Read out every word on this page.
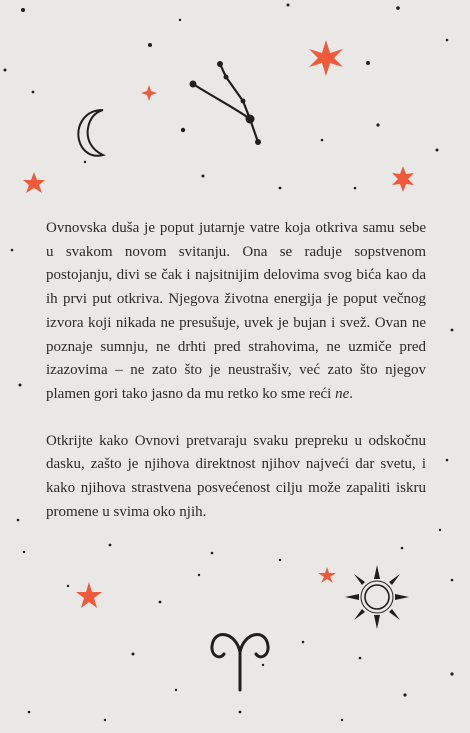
Ovnovska duša je poput jutarnje vatre koja otkriva samu sebe u svakom novom svitanju. Ona se raduje sopstvenom postojanju, divi se čak i najsitnijim delovima svog bića kao da ih prvi put otkriva. Njegova životna energija je poput večnog izvora koji nikada ne presušuje, uvek je bujan i svež. Ovan ne poznaje sumnju, ne drhti pred strahovima, ne uzmiče pred izazovima – ne zato što je neustrašiv, već zato što njegov plamen gori tako jasno da mu retko ko sme reći ne.

Otkrijte kako Ovnovi pretvaraju svaku prepreku u odskočnu dasku, zašto je njihova direktnost njihov najveći dar svetu, i kako njihova strastvena posvećenost cilju može zapaliti iskru promene u svima oko njih.
